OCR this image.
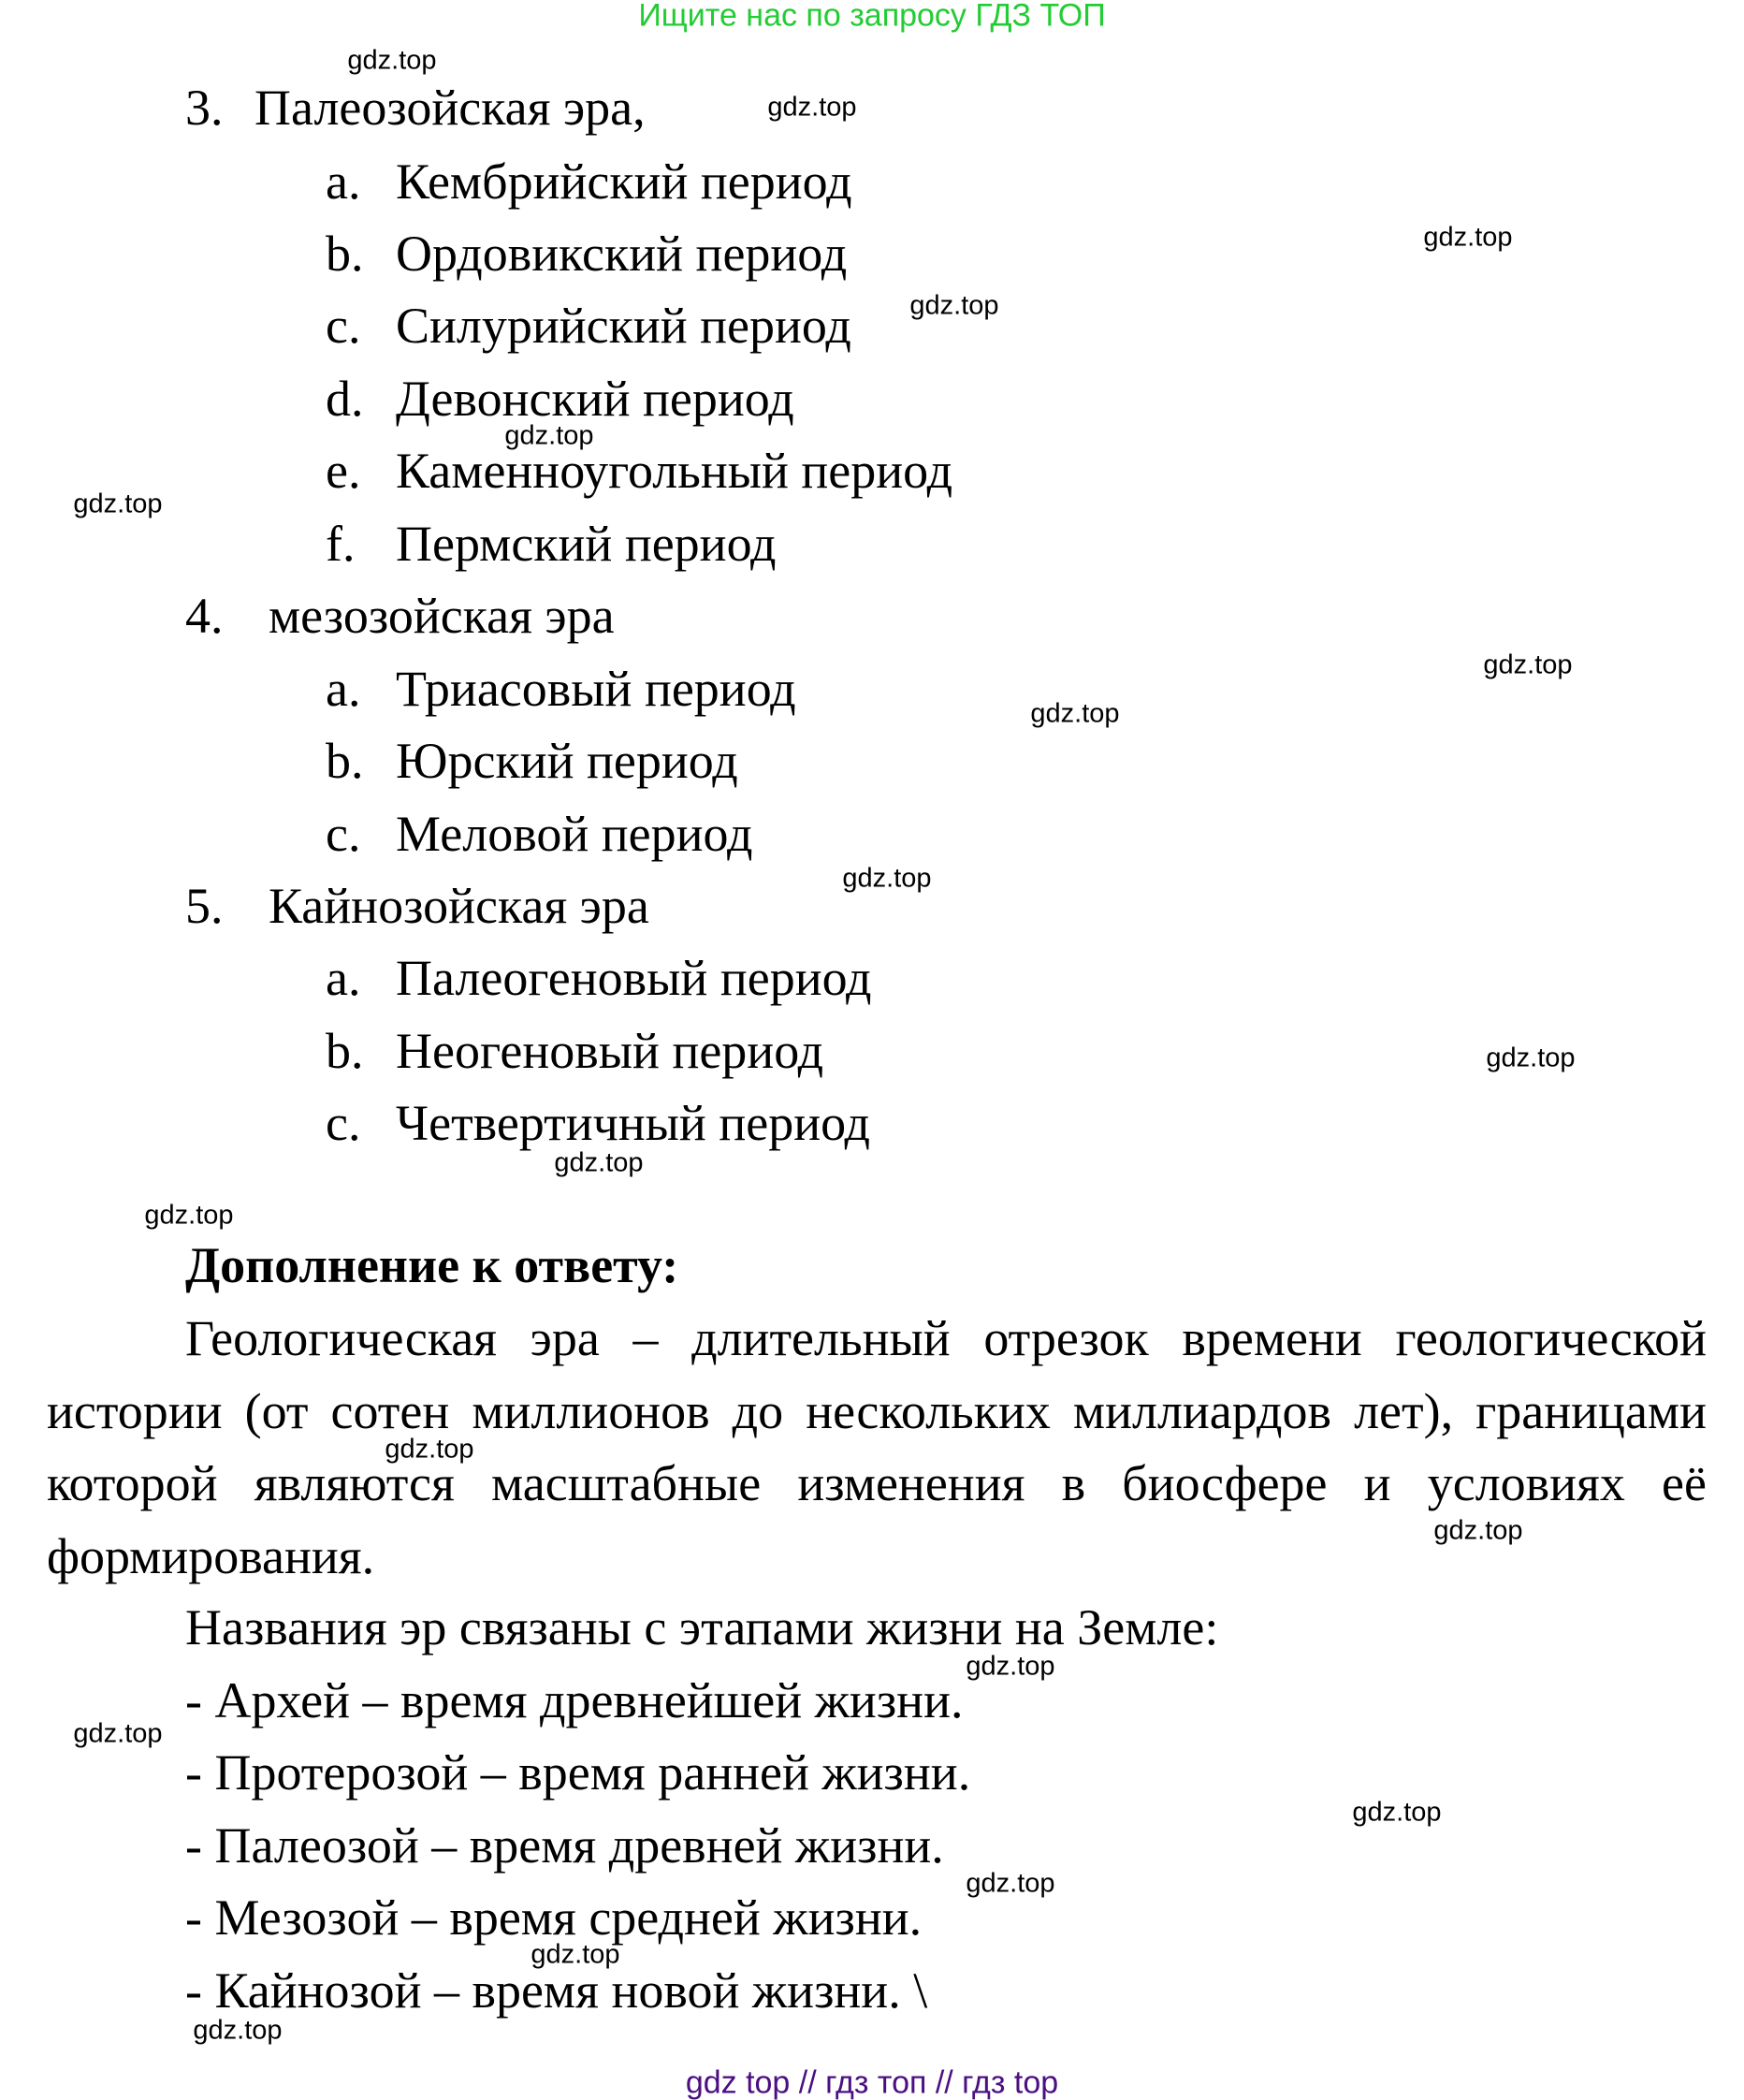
Ищите нас по запросу ГДЗ ТОП
3. Палеозойская эра,
a. Кембрийский период
b. Ордовикский период
c. Силурийский период
d. Девонский период
e. Каменноугольный период
f. Пермский период
4. мезозойская эра
a. Триасовый период
b. Юрский период
c. Меловой период
5. Кайнозойская эра
a. Палеогеновый период
b. Неогеновый период
c. Четвертичный период
Дополнение к ответу:
Геологическая эра – длительный отрезок времени геологической истории (от сотен миллионов до нескольких миллиардов лет), границами которой являются масштабные изменения в биосфере и условиях её формирования.
Названия эр связаны с этапами жизни на Земле:
- Архей – время древнейшей жизни.
- Протерозой – время ранней жизни.
- Палеозой – время древней жизни.
- Мезозой – время средней жизни.
- Кайнозой – время новой жизни. \
gdz.top
gdz.top
gdz.top
gdz.top
gdz.top
gdz.top
gdz.top
gdz.top
gdz.top
gdz.top
gdz.top
gdz.top
gdz.top
gdz.top
gdz.top
gdz.top
gdz.top
gdz.top
gdz.top
gdz.top
gdz top // гдз топ // гдз top
